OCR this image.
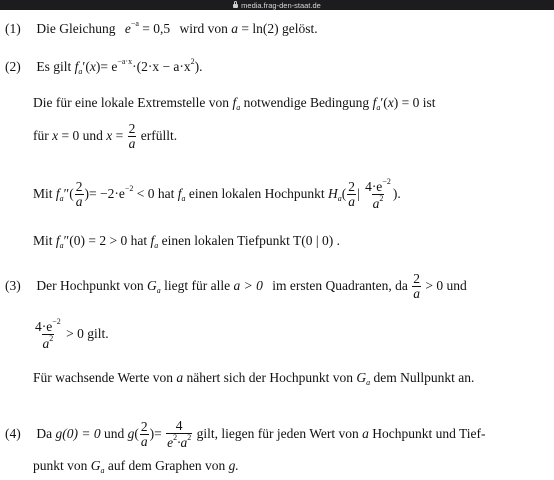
media.frag-den-staat.de
(1) Die Gleichung $e^{-a} = 0,5$ wird von a = ln(2) gelöst.
(2) Es gilt $f_a'(x)= e^{-a\cdot x}\cdot(2\cdot x - a\cdot x^2)$.
Die für eine lokale Extremstelle von $f_a$ notwendige Bedingung $f_a'(x) = 0$ ist
für x = 0 und $x = \frac{2}{a}$ erfüllt.
Mit $f_a''( \frac{2}{a}$ )= $-2\cdot e^{-2} < 0$ hat $f_a$ einen lokalen Hochpunkt $H_a( \frac{2}{a}$ | $\frac{4\cdot e^{-2}}{a^2}$ ).
Mit $f_a''(0) = 2 > 0$ hat $f_a$ einen lokalen Tiefpunkt T(0 | 0) .
(3) Der Hochpunkt von $G_a$ liegt für alle a > 0 im ersten Quadranten, da $\frac{2}{a} > 0$ und
$\frac{4\cdot e^{-2}}{a^2} > 0$ gilt.
Für wachsende Werte von a nähert sich der Hochpunkt von $G_a$ dem Nullpunkt an.
(4) Da g(0) = 0 und $g( \frac{2}{a}$ )= $\frac{4}{e^2\cdot a^2}$ gilt, liegen für jeden Wert von a Hochpunkt und Tief-
punkt von $G_a$ auf dem Graphen von g.
